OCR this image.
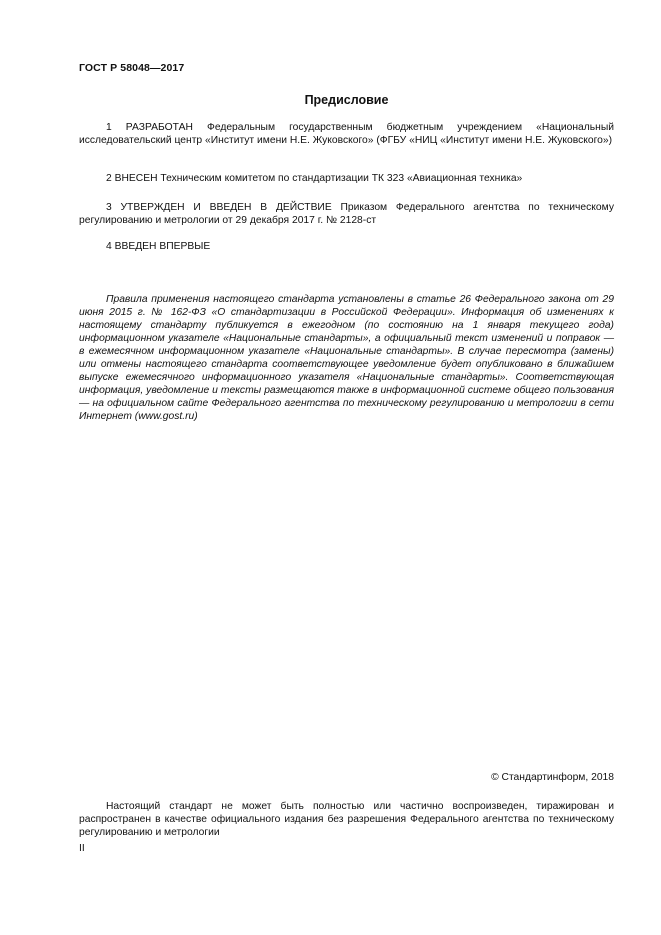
ГОСТ Р 58048—2017
Предисловие

1 РАЗРАБОТАН Федеральным государственным бюджетным учреждением «Национальный исследовательский центр «Институт имени Н.Е. Жуковского» (ФГБУ «НИЦ «Институт имени Н.Е. Жуковского»)

2 ВНЕСЕН Техническим комитетом по стандартизации ТК 323 «Авиационная техника»

3 УТВЕРЖДЕН И ВВЕДЕН В ДЕЙСТВИЕ Приказом Федерального агентства по техническому регулированию и метрологии от 29 декабря 2017 г. № 2128-ст

4 ВВЕДЕН ВПЕРВЫЕ

Правила применения настоящего стандарта установлены в статье 26 Федерального закона от 29 июня 2015 г. № 162-ФЗ «О стандартизации в Российской Федерации». Информация об изменениях к настоящему стандарту публикуется в ежегодном (по состоянию на 1 января текущего года) информационном указателе «Национальные стандарты», а официальный текст изменений и поправок — в ежемесячном информационном указателе «Национальные стандарты». В случае пересмотра (замены) или отмены настоящего стандарта соответствующее уведомление будет опубликовано в ближайшем выпуске ежемесячного информационного указателя «Национальные стандарты». Соответствующая информация, уведомление и тексты размещаются также в информационной системе общего пользования — на официальном сайте Федерального агентства по техническому регулированию и метрологии в сети Интернет (www.gost.ru)

© Стандартинформ, 2018

Настоящий стандарт не может быть полностью или частично воспроизведен, тиражирован и распространен в качестве официального издания без разрешения Федерального агентства по техническому регулированию и метрологии

II
